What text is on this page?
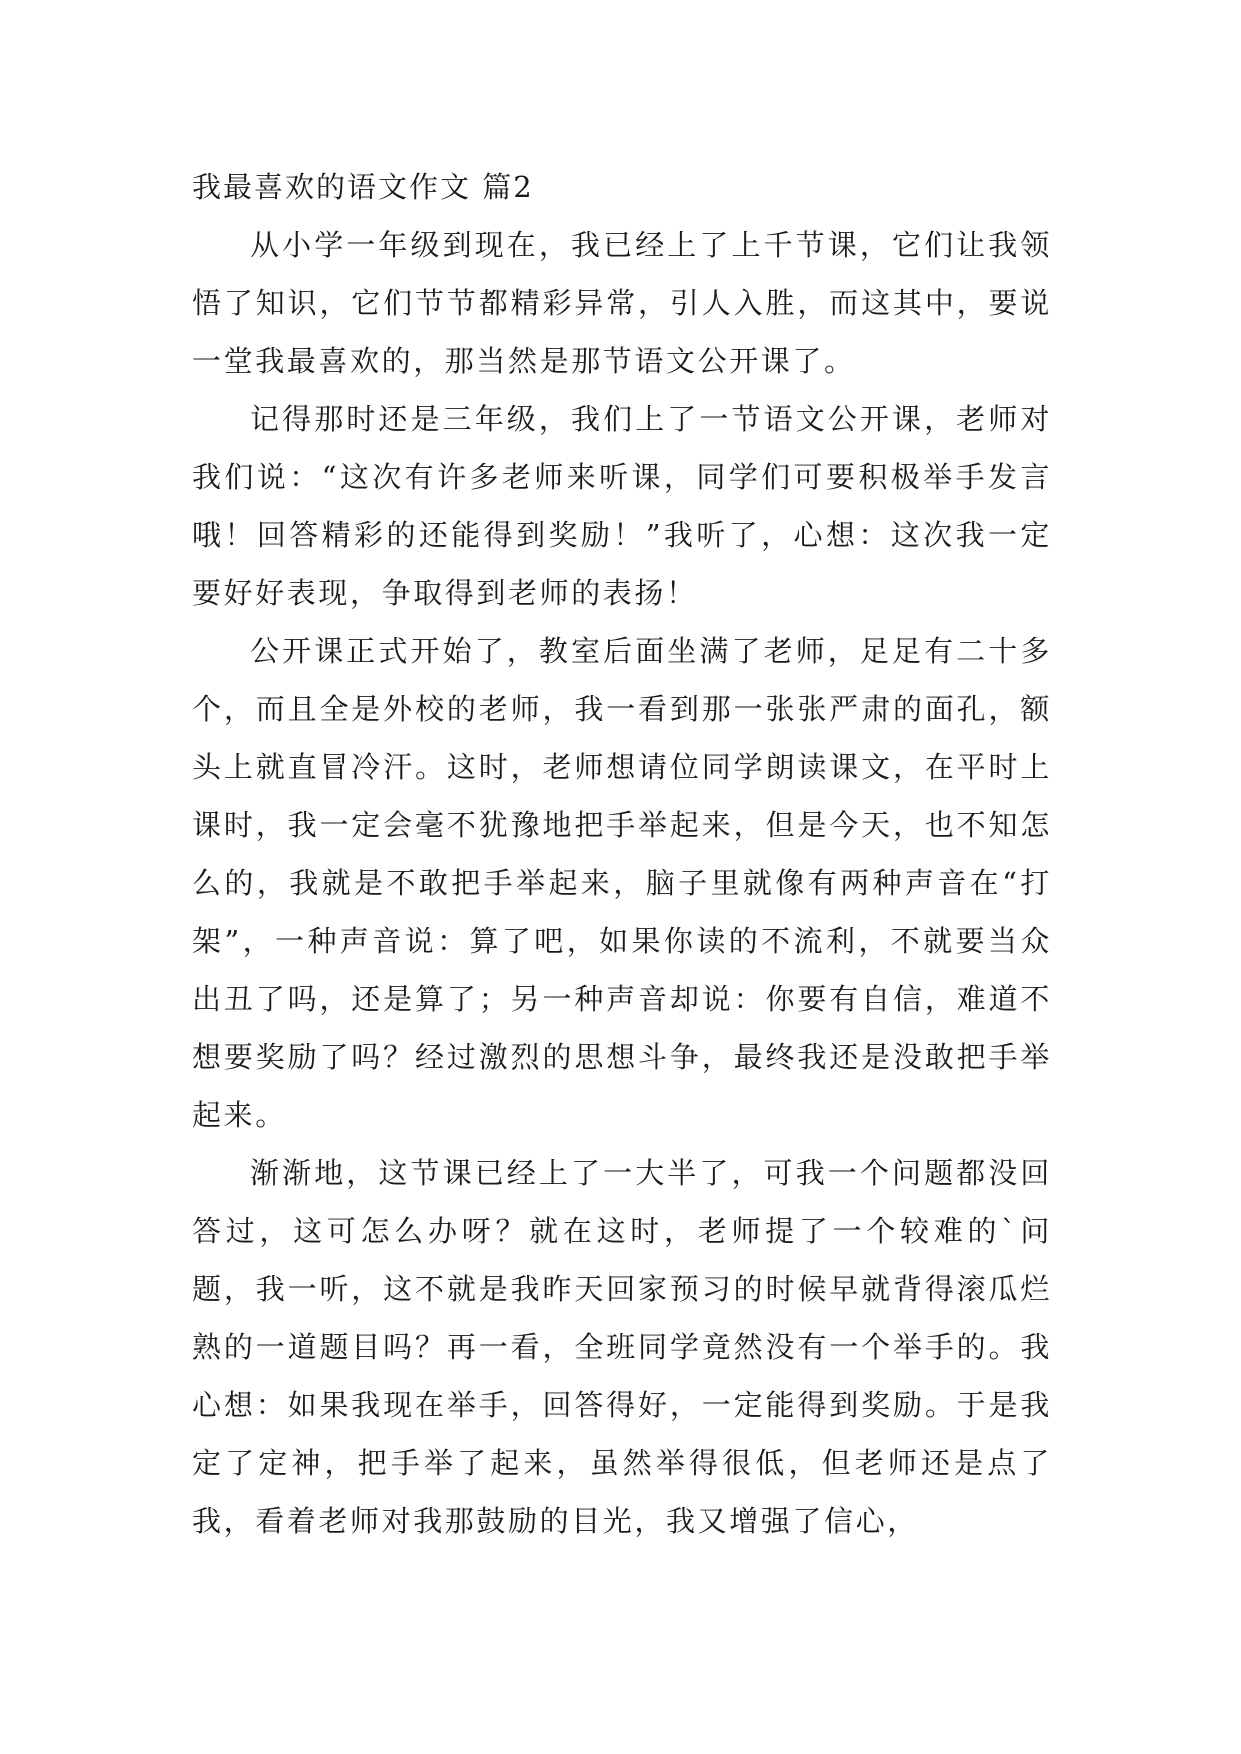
我最喜欢的语文作文 篇2

从小学一年级到现在，我已经上了上千节课，它们让我领悟了知识，它们节节都精彩异常，引人入胜，而这其中，要说一堂我最喜欢的，那当然是那节语文公开课了。

记得那时还是三年级，我们上了一节语文公开课，老师对我们说：“这次有许多老师来听课，同学们可要积极举手发言哦！回答精彩的还能得到奖励！”我听了，心想：这次我一定要好好表现，争取得到老师的表扬！

公开课正式开始了，教室后面坐满了老师，足足有二十多个，而且全是外校的老师，我一看到那一张张严肃的面孔，额头上就直冒冷汗。这时，老师想请位同学朗读课文，在平时上课时，我一定会毫不犹豫地把手举起来，但是今天，也不知怎么的，我就是不敢把手举起来，脑子里就像有两种声音在“打架”，一种声音说：算了吧，如果你读的不流利，不就要当众出丑了吗，还是算了；另一种声音却说：你要有自信，难道不想要奖励了吗？经过激烈的思想斗争，最终我还是没敢把手举起来。

渐渐地，这节课已经上了一大半了，可我一个问题都没回答过，这可怎么办呀？就在这时，老师提了一个较难的`问题，我一听，这不就是我昨天回家预习的时候早就背得滚瓜烂熟的一道题目吗？再一看，全班同学竟然没有一个举手的。我心想：如果我现在举手，回答得好，一定能得到奖励。于是我定了定神，把手举了起来，虽然举得很低，但老师还是点了我，看着老师对我那鼓励的目光，我又增强了信心，
